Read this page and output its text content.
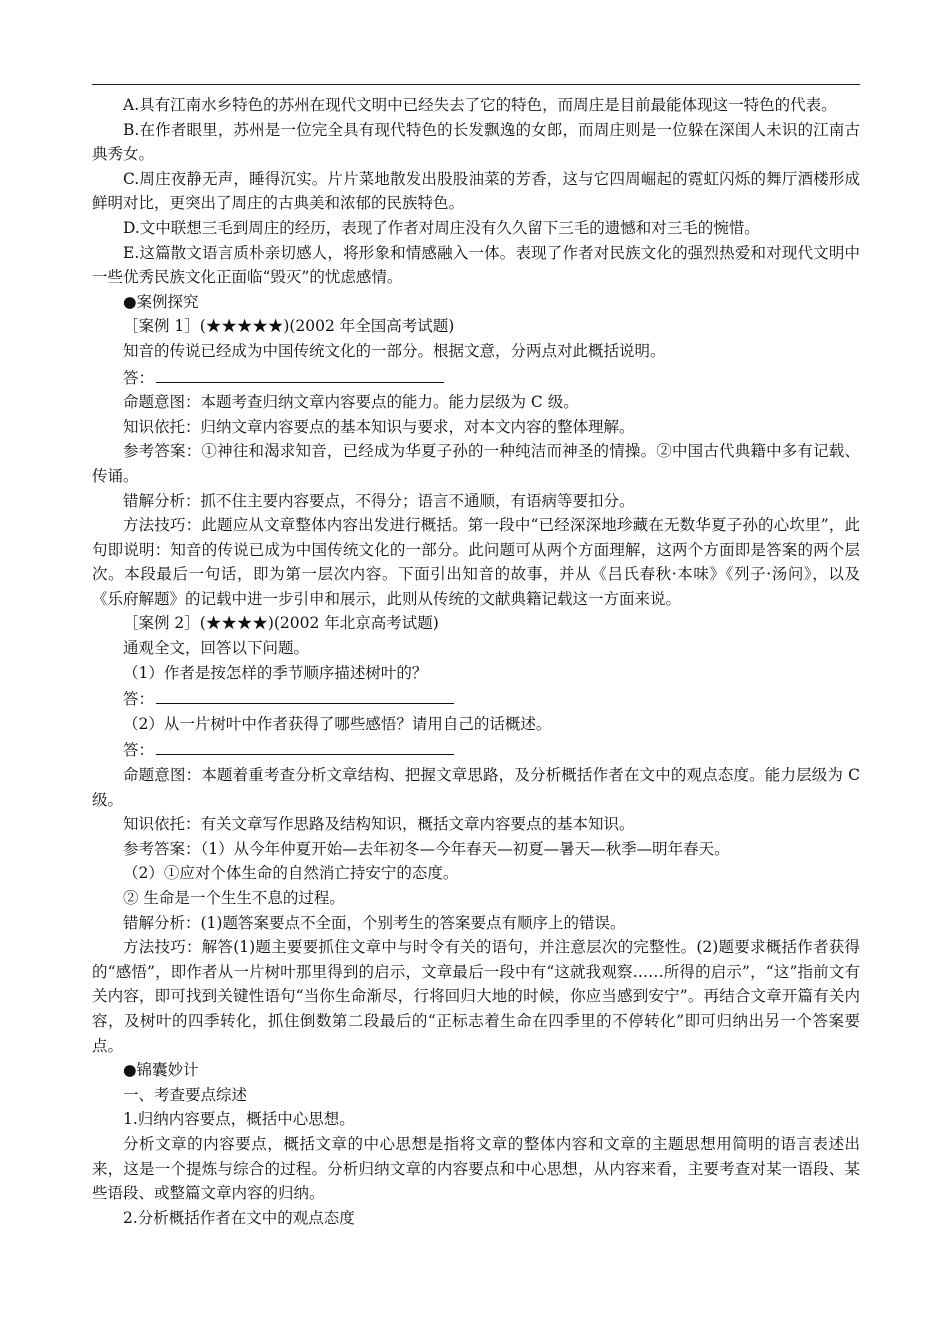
A.具有江南水乡特色的苏州在现代文明中已经失去了它的特色，而周庄是目前最能体现这一特色的代表。

B.在作者眼里，苏州是一位完全具有现代特色的长发飘逸的女郎，而周庄则是一位躲在深闺人未识的江南古典秀女。

C.周庄夜静无声，睡得沉实。片片菜地散发出股股油菜的芳香，这与它四周崛起的霓虹闪烁的舞厅酒楼形成鲜明对比，更突出了周庄的古典美和浓郁的民族特色。

D.文中联想三毛到周庄的经历，表现了作者对周庄没有久久留下三毛的遗憾和对三毛的惋惜。

E.这篇散文语言质朴亲切感人，将形象和情感融入一体。表现了作者对民族文化的强烈热爱和对现代文明中一些优秀民族文化正面临“毁灭”的忧虑感情。

●案例探究

［案例 1］(★★★★★)(2002 年全国高考试题)

知音的传说已经成为中国传统文化的一部分。根据文意，分两点对此概括说明。

答：

命题意图：本题考查归纳文章内容要点的能力。能力层级为 C 级。

知识依托：归纳文章内容要点的基本知识与要求，对本文内容的整体理解。

参考答案：①神往和渴求知音，已经成为华夏子孙的一种纯洁而神圣的情操。②中国古代典籍中多有记载、传诵。

错解分析：抓不住主要内容要点，不得分；语言不通顺，有语病等要扣分。

方法技巧：此题应从文章整体内容出发进行概括。第一段中“已经深深地珍藏在无数华夏子孙的心坎里”，此句即说明：知音的传说已成为中国传统文化的一部分。此问题可从两个方面理解，这两个方面即是答案的两个层次。本段最后一句话，即为第一层次内容。下面引出知音的故事，并从《吕氏春秋·本味》《列子·汤问》，以及《乐府解题》的记载中进一步引申和展示，此则从传统的文献典籍记载这一方面来说。

［案例 2］(★★★★)(2002 年北京高考试题)

通观全文，回答以下问题。

（1）作者是按怎样的季节顺序描述树叶的？

答：

（2）从一片树叶中作者获得了哪些感悟？请用自己的话概述。

答：

命题意图：本题着重考查分析文章结构、把握文章思路，及分析概括作者在文中的观点态度。能力层级为 C 级。

知识依托：有关文章写作思路及结构知识，概括文章内容要点的基本知识。

参考答案：（1）从今年仲夏开始—去年初冬—今年春天—初夏—暑天—秋季—明年春天。

（2）①应对个体生命的自然消亡持安宁的态度。

② 生命是一个生生不息的过程。

错解分析：(1)题答案要点不全面，个别考生的答案要点有顺序上的错误。

方法技巧：解答(1)题主要要抓住文章中与时令有关的语句，并注意层次的完整性。(2)题要求概括作者获得的“感悟”，即作者从一片树叶那里得到的启示，文章最后一段中有“这就我观察……所得的启示”，“这”指前文有关内容，即可找到关键性语句“当你生命渐尽，行将回归大地的时候，你应当感到安宁”。再结合文章开篇有关内容，及树叶的四季转化，抓住倒数第二段最后的“正标志着生命在四季里的不停转化”即可归纳出另一个答案要点。

●锦囊妙计

一、考查要点综述

1.归纳内容要点，概括中心思想。

分析文章的内容要点，概括文章的中心思想是指将文章的整体内容和文章的主题思想用简明的语言表述出来，这是一个提炼与综合的过程。分析归纳文章的内容要点和中心思想，从内容来看，主要考查对某一语段、某些语段、或整篇文章内容的归纳。

2.分析概括作者在文中的观点态度
